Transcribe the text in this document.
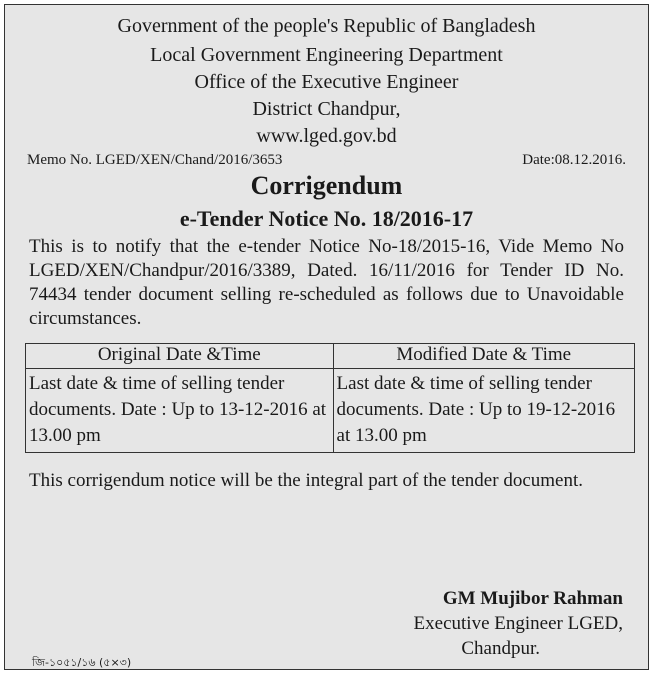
Government of the people's Republic of Bangladesh
Local Government Engineering Department
Office of the Executive Engineer
District Chandpur,
www.lged.gov.bd
Memo No. LGED/XEN/Chand/2016/3653	Date:08.12.2016.
Corrigendum
e-Tender Notice No. 18/2016-17
This is to notify that the e-tender Notice No-18/2015-16, Vide Memo No LGED/XEN/Chandpur/2016/3389, Dated. 16/11/2016 for Tender ID No. 74434 tender document selling re-scheduled as follows due to Unavoidable circumstances.
Original Date &Time	Modified Date & Time
Last date & time of selling tender documents. Date : Up to 13-12-2016 at 13.00 pm	Last date & time of selling tender documents. Date : Up to 19-12-2016 at 13.00 pm
This corrigendum notice will be the integral part of the tender document.
GM Mujibor Rahman
Executive Engineer LGED,
Chandpur.
জি-১০৫১/১৬ (৫×৩)
